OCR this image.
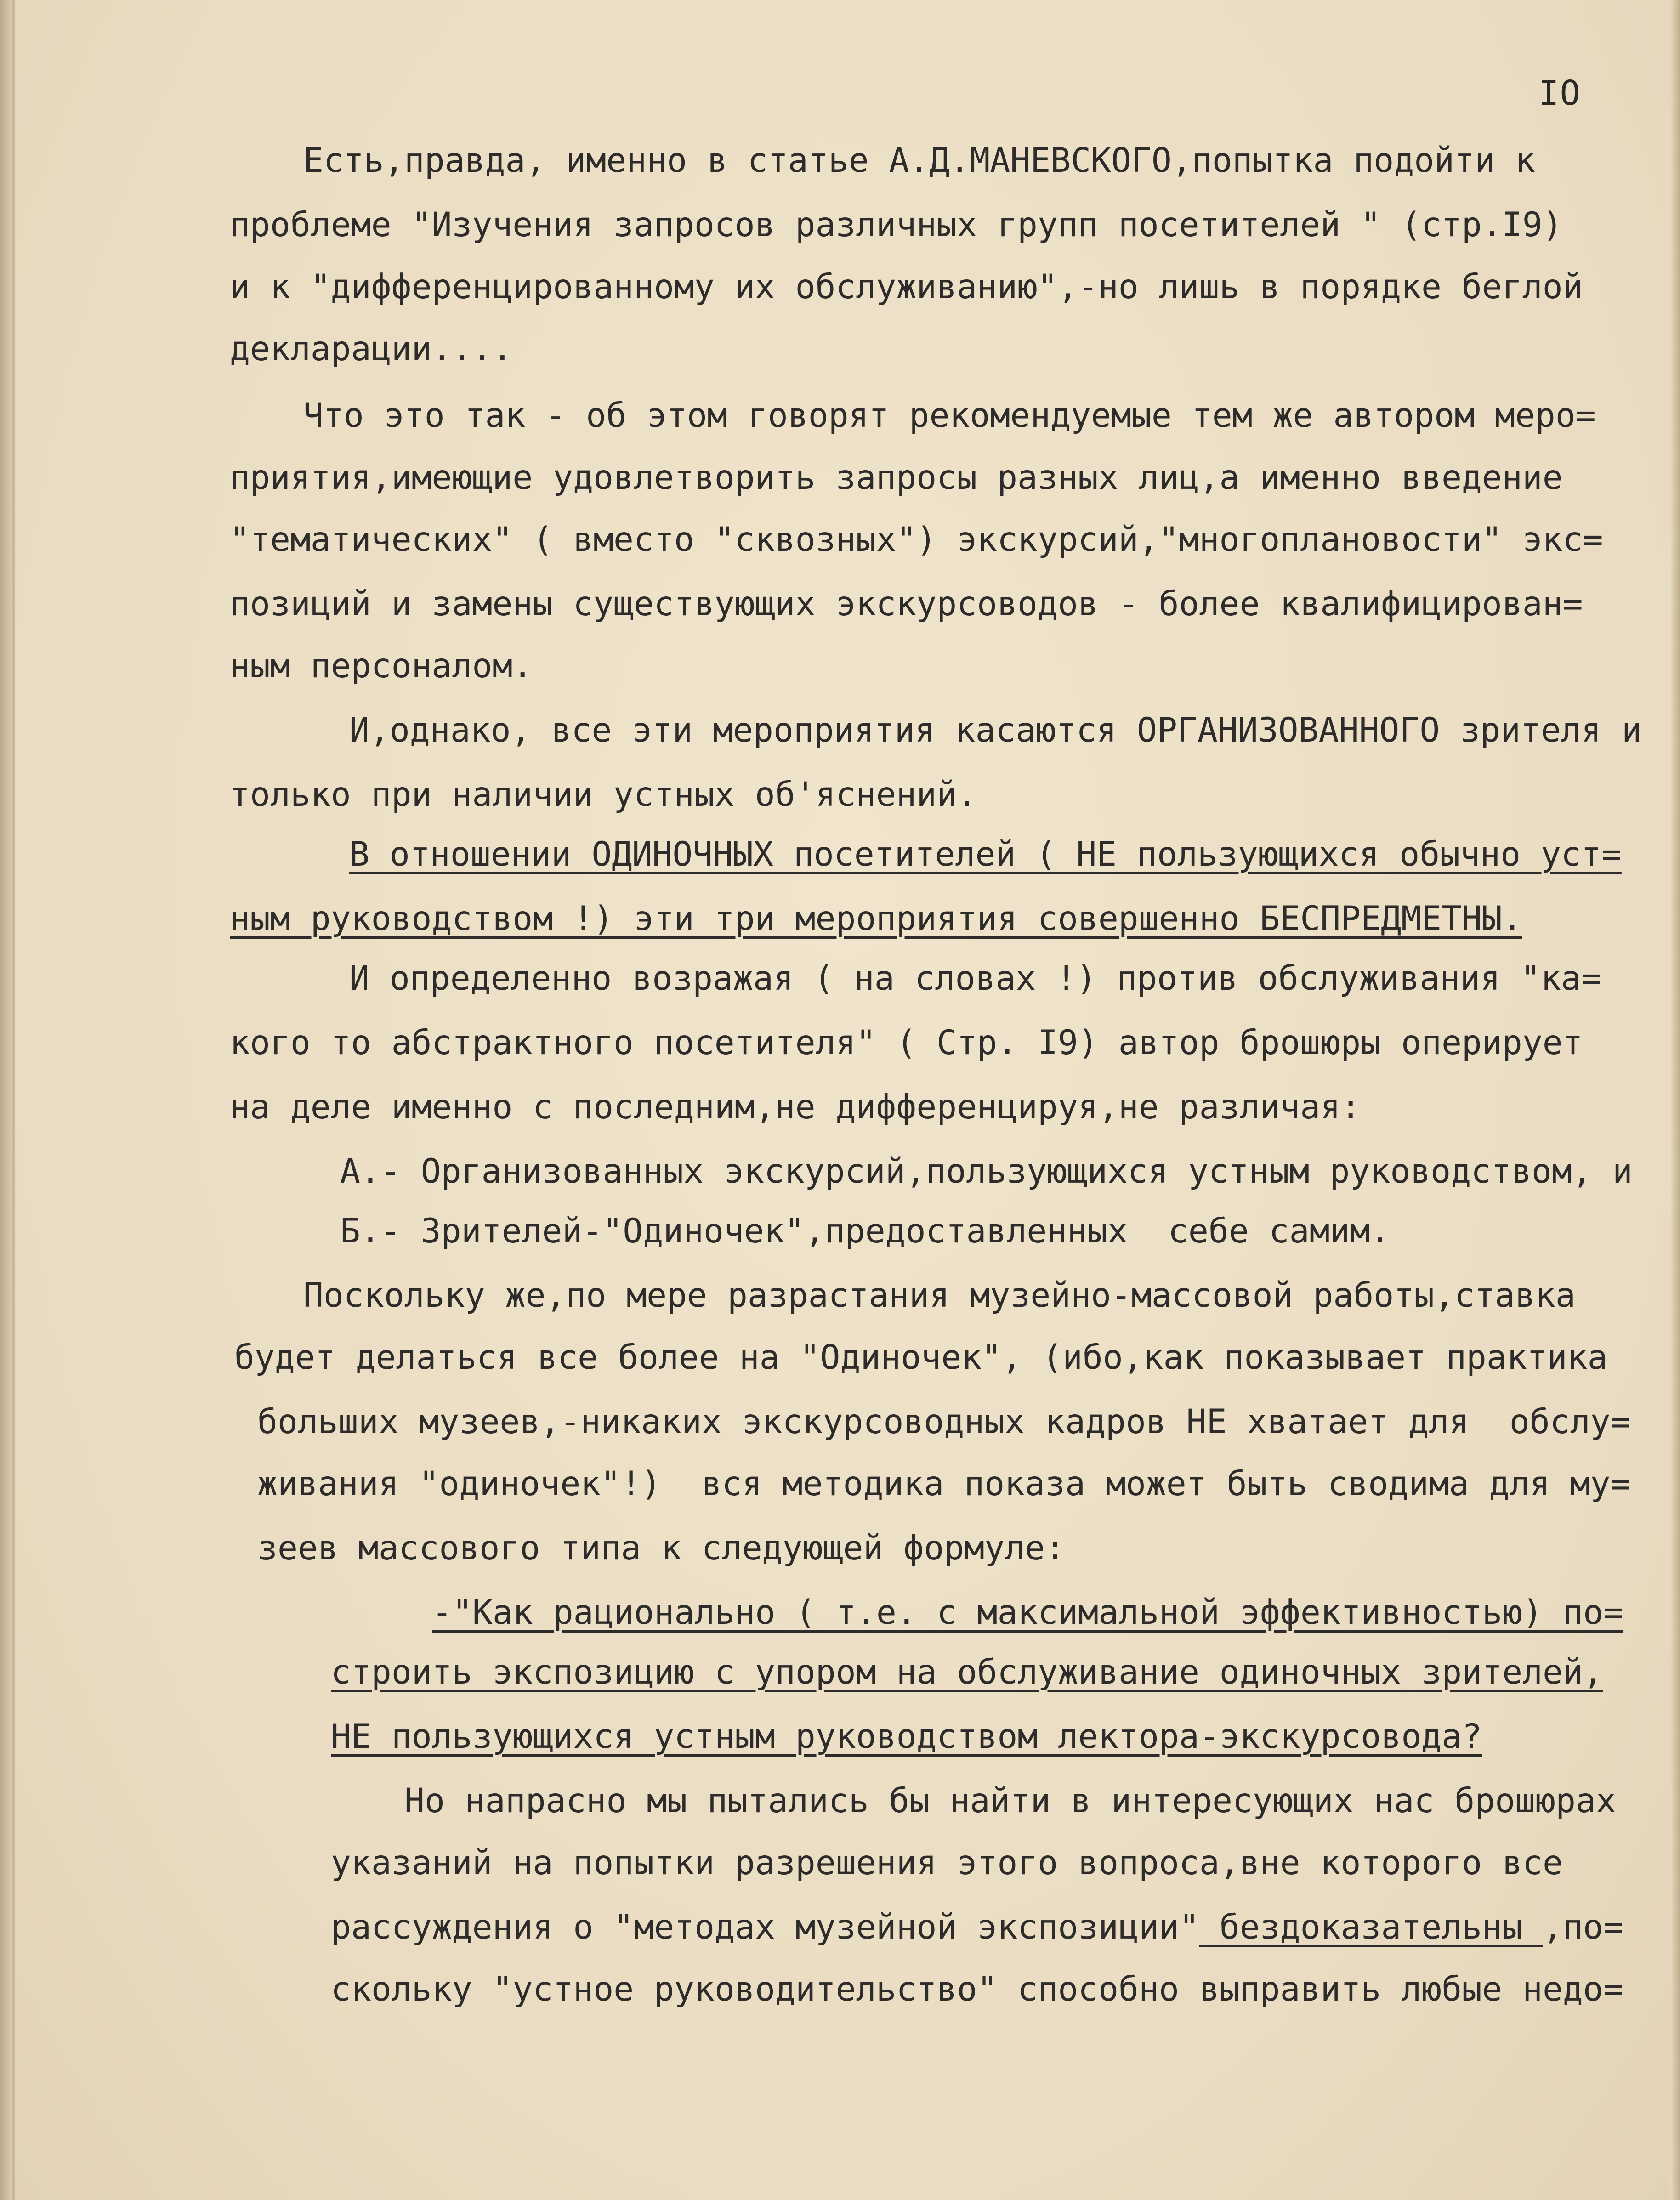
IO
Есть,правда, именно в статье А.Д.МАНЕВСКОГО,попытка подойти к
проблеме "Изучения запросов различных групп посетителей " (стр.I9)
и к "дифференцированному их обслуживанию",-но лишь в порядке беглой
декларации....
Что это так - об этом говорят рекомендуемые тем же автором меро=
приятия,имеющие удовлетворить запросы разных лиц,а именно введение
"тематических" ( вместо "сквозных") экскурсий,"многоплановости" экс=
позиций и замены существующих экскурсоводов - более квалифицирован=
ным персоналом.
И,однако, все эти мероприятия касаются ОРГАНИЗОВАННОГО зрителя и
только при наличии устных об'яснений.
В отношении ОДИНОЧНЫХ посетителей ( НЕ пользующихся обычно уст=
ным руководством !) эти три мероприятия совершенно БЕСПРЕДМЕТНЫ.
И определенно возражая ( на словах !) против обслуживания "ка=
кого то абстрактного посетителя" ( Стр. I9) автор брошюры оперирует
на деле именно с последним,не дифференцируя,не различая:
А.- Организованных экскурсий,пользующихся устным руководством, и
Б.- Зрителей-"Одиночек",предоставленных  себе самим.
Поскольку же,по мере разрастания музейно-массовой работы,ставка
будет делаться все более на "Одиночек", (ибо,как показывает практика
больших музеев,-никаких экскурсоводных кадров НЕ хватает для  обслу=
живания "одиночек"!)  вся методика показа может быть сводима для му=
зеев массового типа к следующей формуле:
-"Как рационально ( т.е. с максимальной эффективностью) по=
строить экспозицию с упором на обслуживание одиночных зрителей,
НЕ пользующихся устным руководством лектора-экскурсовода?
Но напрасно мы пытались бы найти в интересующих нас брошюрах
указаний на попытки разрешения этого вопроса,вне которого все
рассуждения о "методах музейной экспозиции" бездоказательны ,по=
скольку "устное руководительство" способно выправить любые недо=
